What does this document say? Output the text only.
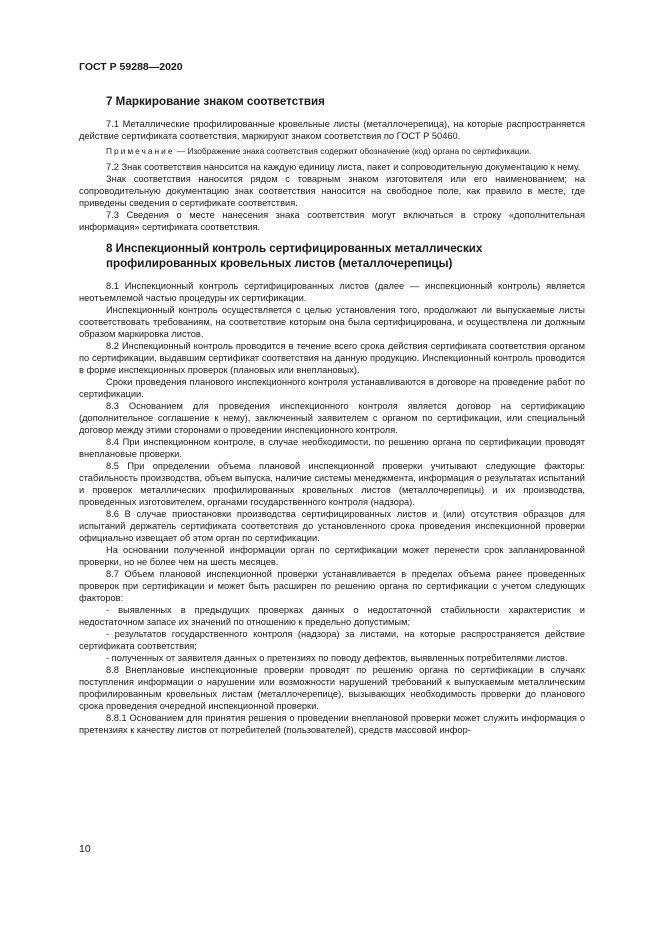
ГОСТ Р 59288—2020
7 Маркирование знаком соответствия

7.1 Металлические профилированные кровельные листы (металлочерепица), на которые распространяется действие сертификата соответствия, маркируют знаком соответствия по ГОСТ Р 50460.

Примечание — Изображение знака соответствия содержит обозначение (код) органа по сертификации.

7.2 Знак соответствия наносится на каждую единицу листа, пакет и сопроводительную документацию к нему.

Знак соответствия наносится рядом с товарным знаком изготовителя или его наименованием; на сопроводительную документацию знак соответствия наносится на свободное поле, как правило в месте, где приведены сведения о сертификате соответствия.

7.3 Сведения о месте нанесения знака соответствия могут включаться в строку «дополнительная информация» сертификата соответствия.

8 Инспекционный контроль сертифицированных металлических
профилированных кровельных листов (металлочерепицы)

8.1 Инспекционный контроль сертифицированных листов (далее — инспекционный контроль) является неотъемлемой частью процедуры их сертификации.

Инспекционный контроль осуществляется с целью установления того, продолжают ли выпускаемые листы соответствовать требованиям, на соответствие которым она была сертифицирована, и осуществлена ли должным образом маркировка листов.

8.2 Инспекционный контроль проводится в течение всего срока действия сертификата соответствия органом по сертификации, выдавшим сертификат соответствия на данную продукцию. Инспекционный контроль проводится в форме инспекционных проверок (плановых или внеплановых).

Сроки проведения планового инспекционного контроля устанавливаются в договоре на проведение работ по сертификации.

8.3 Основанием для проведения инспекционного контроля является договор на сертификацию (дополнительное соглашение к нему), заключенный заявителем с органом по сертификации, или специальный договор между этими сторонами о проведении инспекционного контроля.

8.4 При инспекционном контроле, в случае необходимости, по решению органа по сертификации проводят внеплановые проверки.

8.5 При определении объема плановой инспекционной проверки учитывают следующие факторы: стабильность производства, объем выпуска, наличие системы менеджмента, информация о результатах испытаний и проверок металлических профилированных кровельных листов (металлочерепицы) и их производства, проведенных изготовителем, органами государственного контроля (надзора).

8.6 В случае приостановки производства сертифицированных листов и (или) отсутствия образцов для испытаний держатель сертификата соответствия до установленного срока проведения инспекционной проверки официально извещает об этом орган по сертификации.

На основании полученной информации орган по сертификации может перенести срок запланированной проверки, но не более чем на шесть месяцев.

8.7 Объем плановой инспекционной проверки устанавливается в пределах объема ранее проведенных проверок при сертификации и может быть расширен по решению органа по сертификации с учетом следующих факторов:

- выявленных в предыдущих проверках данных о недостаточной стабильности характеристик и недостаточном запасе их значений по отношению к предельно допустимым;

- результатов государственного контроля (надзора) за листами, на которые распространяется действие сертификата соответствия;

- полученных от заявителя данных о претензиях по поводу дефектов, выявленных потребителями листов.

8.8 Внеплановые инспекционные проверки проводят по решению органа по сертификации в случаях поступления информации о нарушении или возможности нарушений требований к выпускаемым металлическим профилированным кровельных листам (металлочерепице), вызывающих необходимость проверки до планового срока проведения очередной инспекционной проверки.

8.8.1 Основанием для принятия решения о проведении внеплановой проверки может служить информация о претензиях к качеству листов от потребителей (пользователей), средств массовой инфор-

10
